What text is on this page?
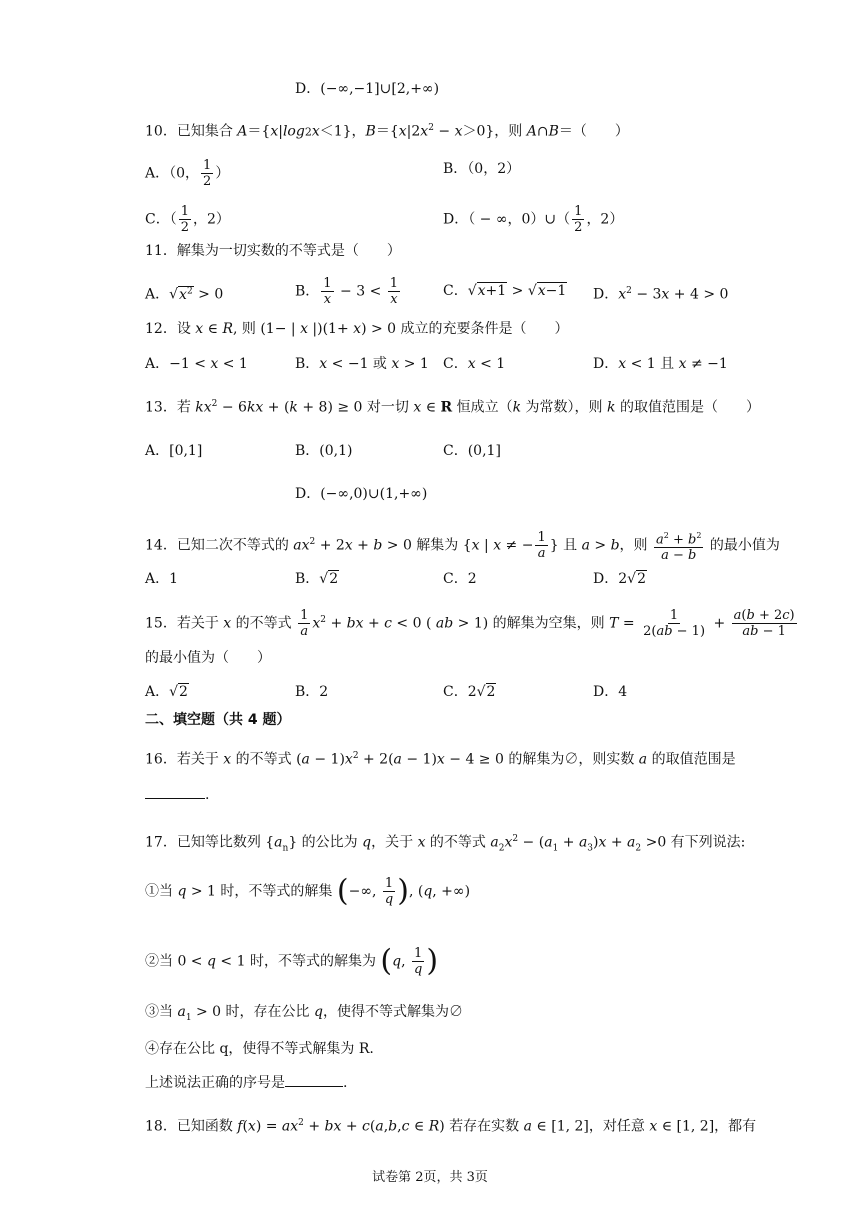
D．(−∞,−1]∪[2,+∞)
10．已知集合 A＝{x|log2x＜1}，$B=\{x|2x^2 - x>0\}$，则 A∩B＝（　　）
A．（0， $\frac{1}{2}$ ）	B．（0，2）
C．（ $\frac{1}{2}$ ，2）	D．（ − ∞，0）∪（ $\frac{1}{2}$ ，2）
11．解集为一切实数的不等式是（　　）
A．$√x^2 > 0$	B． $\frac{1}{x} - 3 < \frac{1}{x}$	C．√x+1 > √x−1 D．$x^2 - 3x + 4 > 0$
12．设 x ∈ R, 则 (1− | x |)(1+ x) > 0 成立的充要条件是（　　）
A．−1 < x < 1	B．x < −1 或 x > 1 C．x < 1	D．x < 1 且 x ≠ −1
13．若 $kx^2 - 6kx + (k + 8) \ge 0$ 对一切 x ∈ R 恒成立（k 为常数），则 k 的取值范围是（　　）
A．[0,1]	B．(0,1)	C．(0,1]
D．(−∞,0)∪(1,+∞)
14．已知二次不等式的 $ax^2 + 2x + b > 0$ 解集为 {x | x ≠ − $\frac{1}{a}$ } 且 a > b，则 $\frac{a^2 + b^2}{a - b}$ 的最小值为
A．1	B．√2	C．2	D．2√2
15．若关于 x 的不等式 $\frac{1}{a} x^2$ + bx + c < 0 ( ab > 1) 的解集为空集，则 $T = \frac{1}{2(ab - 1)} + \frac{a(b + 2c)}{ab - 1}$
的最小值为（　　）
A．√2	B．2	C．2√2	D．4
二、填空题（共 4 题）
16．若关于 x 的不等式 $(a - 1)x^2 + 2(a - 1)x - 4 \ge 0$ 的解集为∅，则实数 a 的取值范围是
.
17．已知等比数列 $\{a_n\}$ 的公比为 q，关于 x 的不等式 $a_2x^2 - (a_1 + a_3)x + a_2 >0$ 有下列说法:
①当 q > 1 时，不等式的解集 (−∞, $\frac{1}{q}$ ), (q, +∞)
②当 0 < q < 1 时，不等式的解集为 (q, $\frac{1}{q}$ )
③当 $a_1 > 0$ 时，存在公比 q，使得不等式解集为∅
④存在公比 q，使得不等式解集为 R.
上述说法正确的序号是	.
18．已知函数 $f(x) = ax^2$ + bx + c(a,b,c ∈ R) 若存在实数 a ∈ [1, 2]，对任意 x ∈ [1, 2]，都有
试卷第 2页，共 3页
